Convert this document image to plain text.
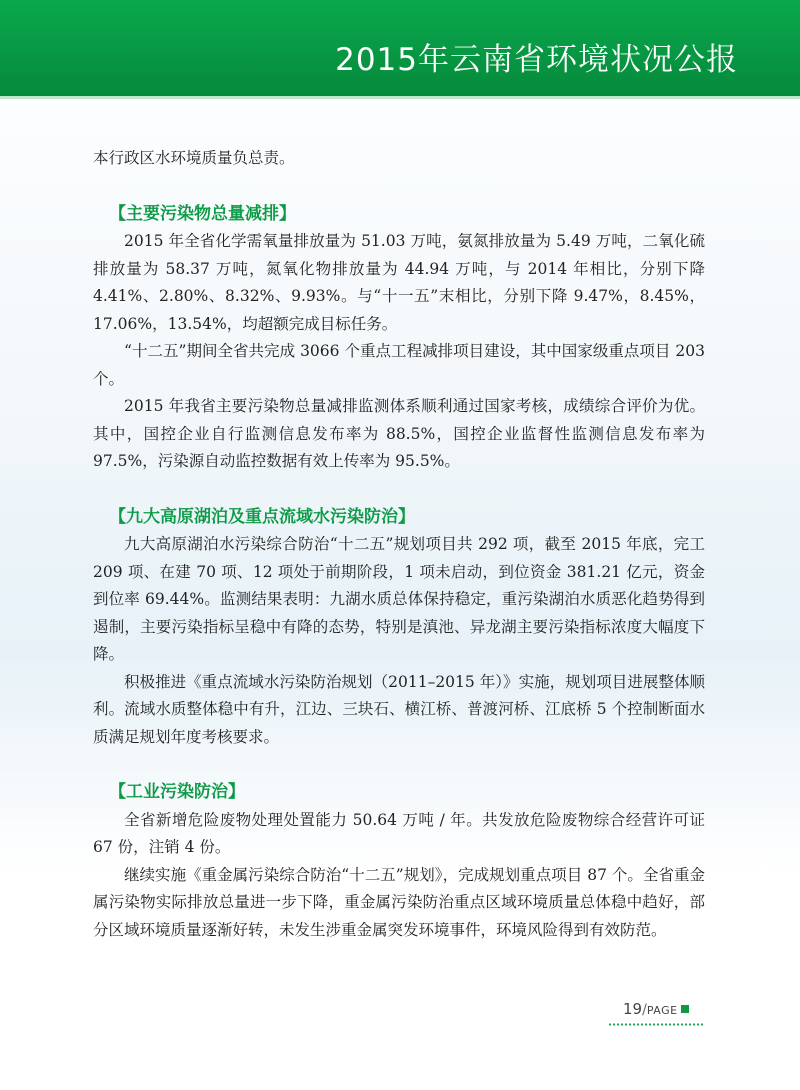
2015年云南省环境状况公报

本行政区水环境质量负总责。

【主要污染物总量减排】

2015 年全省化学需氧量排放量为 51.03 万吨，氨氮排放量为 5.49 万吨，二氧化硫排放量为 58.37 万吨，氮氧化物排放量为 44.94 万吨，与 2014 年相比，分别下降 4.41%、2.80%、8.32%、9.93%。与“十一五”末相比，分别下降 9.47%，8.45%，17.06%，13.54%，均超额完成目标任务。

“十二五”期间全省共完成 3066 个重点工程减排项目建设，其中国家级重点项目 203 个。

2015 年我省主要污染物总量减排监测体系顺利通过国家考核，成绩综合评价为优。其中，国控企业自行监测信息发布率为 88.5%，国控企业监督性监测信息发布率为 97.5%，污染源自动监控数据有效上传率为 95.5%。

【九大高原湖泊及重点流域水污染防治】

九大高原湖泊水污染综合防治“十二五”规划项目共 292 项，截至 2015 年底，完工 209 项、在建 70 项、12 项处于前期阶段，1 项未启动，到位资金 381.21 亿元，资金到位率 69.44%。监测结果表明：九湖水质总体保持稳定，重污染湖泊水质恶化趋势得到遏制，主要污染指标呈稳中有降的态势，特别是滇池、异龙湖主要污染指标浓度大幅度下降。

积极推进《重点流域水污染防治规划（2011–2015 年）》实施，规划项目进展整体顺利。流域水质整体稳中有升，江边、三块石、横江桥、普渡河桥、江底桥 5 个控制断面水质满足规划年度考核要求。

【工业污染防治】

全省新增危险废物处理处置能力 50.64 万吨 / 年。共发放危险废物综合经营许可证 67 份，注销 4 份。

继续实施《重金属污染综合防治“十二五”规划》，完成规划重点项目 87 个。全省重金属污染物实际排放总量进一步下降，重金属污染防治重点区域环境质量总体稳中趋好，部分区域环境质量逐渐好转，未发生涉重金属突发环境事件，环境风险得到有效防范。

19/PAGE
